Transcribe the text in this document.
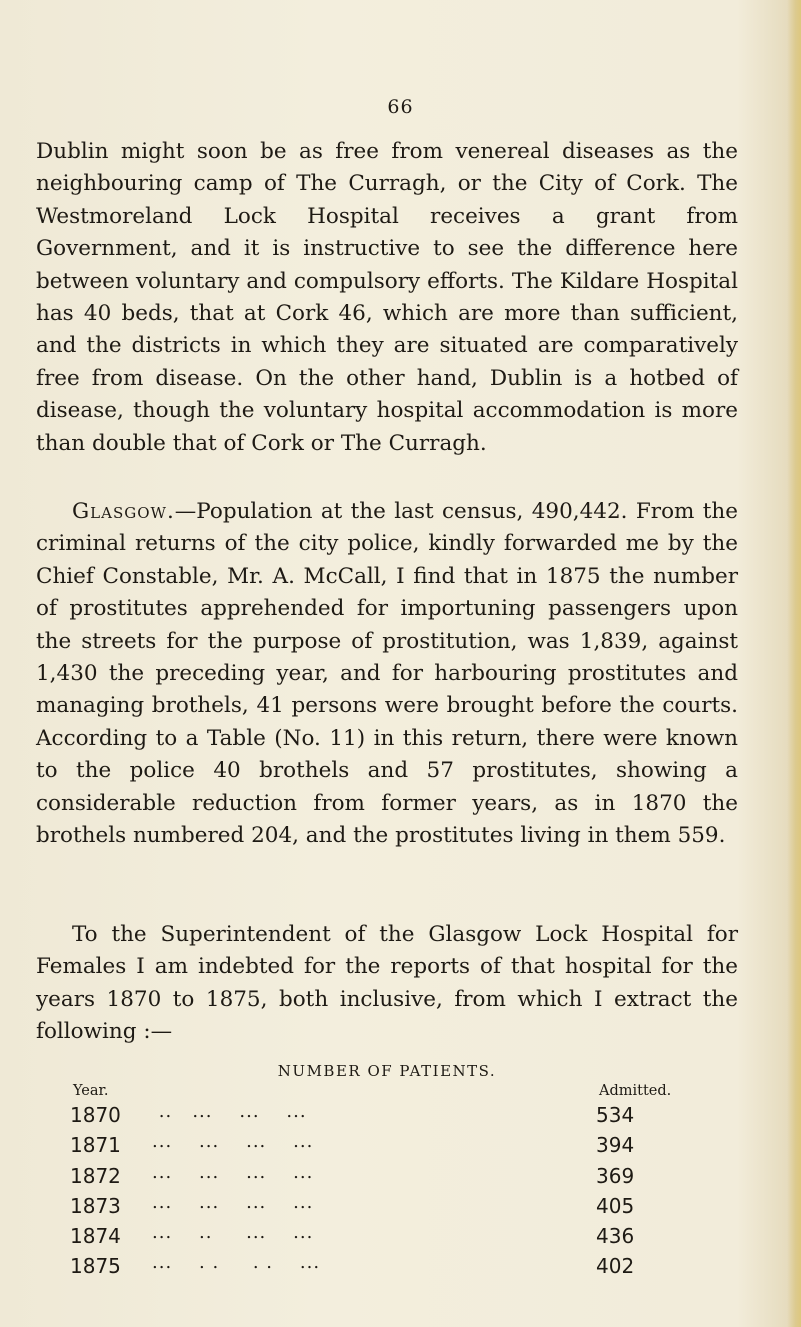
66

Dublin might soon be as free from venereal diseases as the neighbouring camp of The Curragh, or the City of Cork. The Westmoreland Lock Hospital receives a grant from Government, and it is instructive to see the difference here between voluntary and compulsory efforts. The Kildare Hospital has 40 beds, that at Cork 46, which are more than sufficient, and the districts in which they are situated are comparatively free from disease. On the other hand, Dublin is a hotbed of disease, though the voluntary hospital accommodation is more than double that of Cork or The Curragh.

Glasgow.—Population at the last census, 490,442. From the criminal returns of the city police, kindly forwarded me by the Chief Constable, Mr. A. McCall, I find that in 1875 the number of prostitutes apprehended for importuning passengers upon the streets for the purpose of prostitution, was 1,839, against 1,430 the preceding year, and for harbouring prostitutes and managing brothels, 41 persons were brought before the courts. According to a Table (No. 11) in this return, there were known to the police 40 brothels and 57 prostitutes, showing a considerable reduction from former years, as in 1870 the brothels numbered 204, and the prostitutes living in them 559.

To the Superintendent of the Glasgow Lock Hospital for Females I am indebted for the reports of that hospital for the years 1870 to 1875, both inclusive, from which I extract the following :—

NUMBER OF PATIENTS.
Year.	Admitted.
1870 ..   ...    ...    ...	534
1871 ...    ...    ...    ...	394
1872 ...    ...    ...    ...	369
1873 ...    ...    ...    ...	405
1874 ...    ..     ...    ...	436
1875 ...    . .     . .    ...	402
